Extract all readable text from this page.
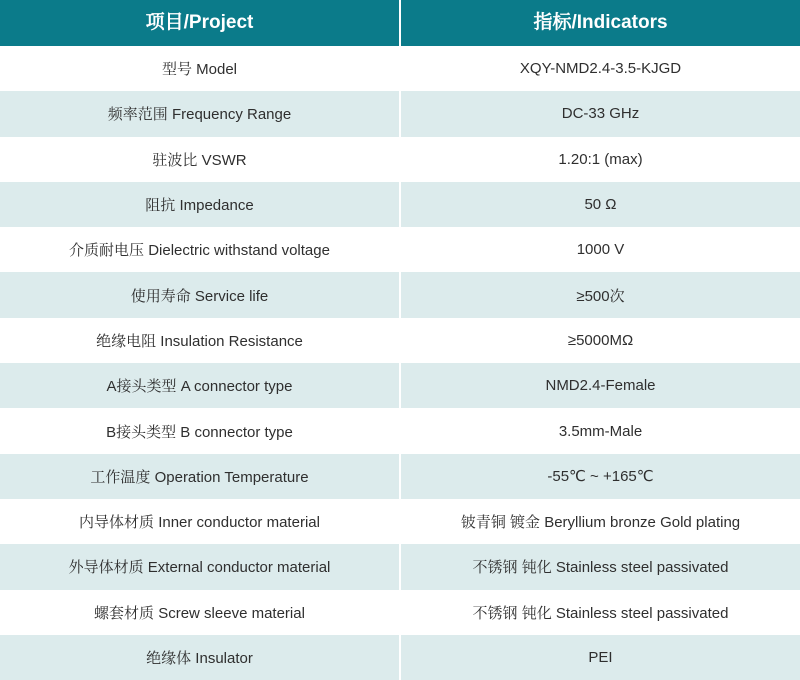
项目/Project	指标/Indicators
型号 Model	XQY-NMD2.4-3.5-KJGD
频率范围 Frequency Range	DC-33 GHz
驻波比 VSWR	1.20:1 (max)
阻抗 Impedance	50 Ω
介质耐电压 Dielectric withstand voltage	1000 V
使用寿命 Service life	≥500次
绝缘电阻 Insulation Resistance	≥5000MΩ
A接头类型 A connector type	NMD2.4-Female
B接头类型 B connector type	3.5mm-Male
工作温度 Operation Temperature	-55℃ ~ +165℃
内导体材质 Inner conductor material	铍青铜 镀金 Beryllium bronze Gold plating
外导体材质 External conductor material	不锈钢 钝化 Stainless steel passivated
螺套材质 Screw sleeve material	不锈钢 钝化 Stainless steel passivated
绝缘体 Insulator	PEI
